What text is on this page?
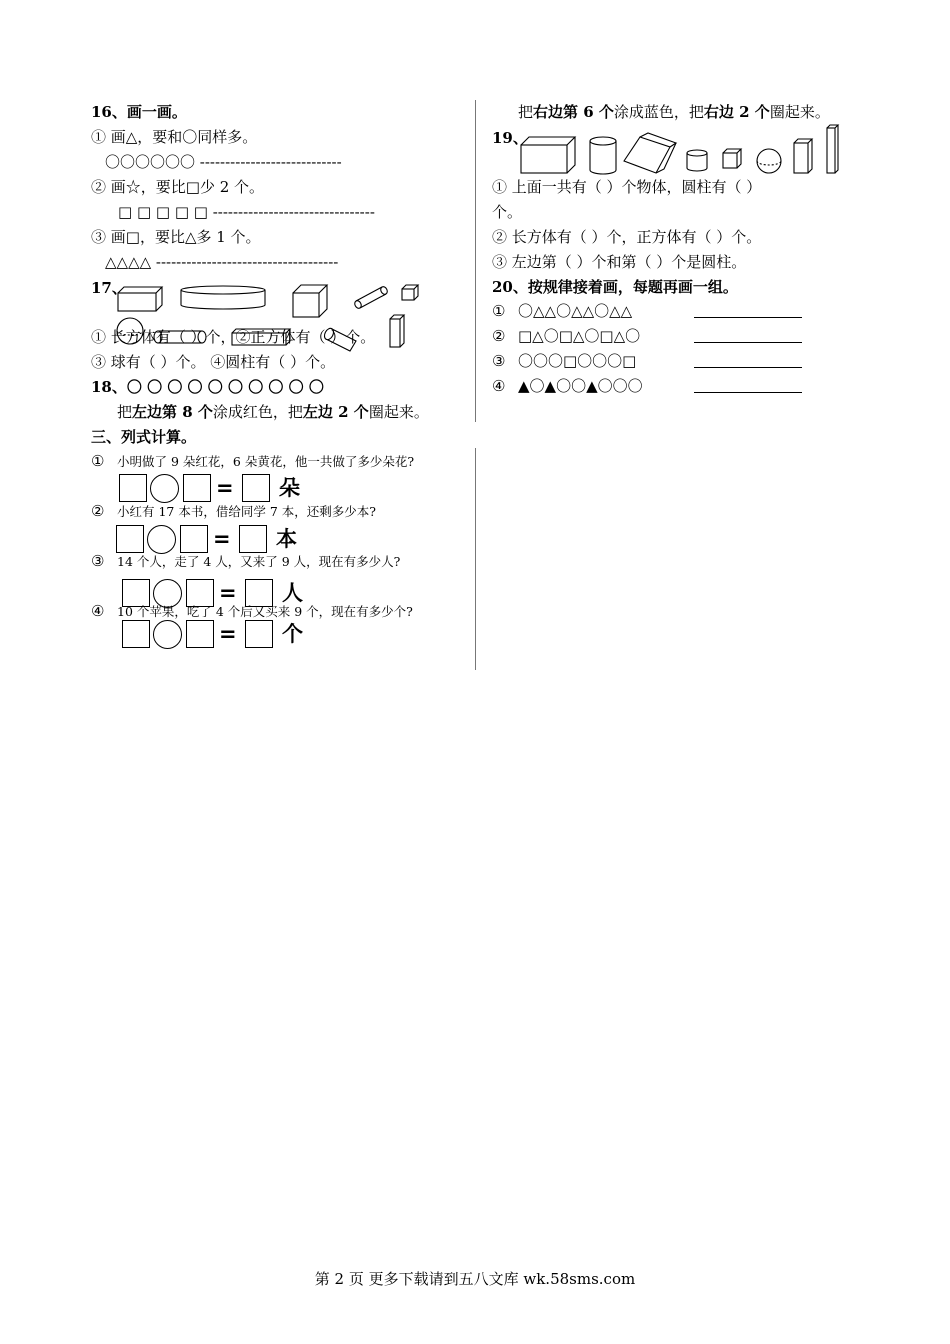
16、画一画。
① 画△，要和〇同样多。
〇〇〇〇〇〇 ----------------------------
② 画☆，要比□少 2 个。
□ □ □ □ □ --------------------------------
③ 画□，要比△多 1 个。
△△△△ ------------------------------------
17、
① 长方体有（ ）个，②正方体有（ ）个。
③ 球有（ ）个。 ④圆柱有（ ）个。
18、〇 〇 〇 〇 〇 〇 〇 〇 〇 〇
把左边第 8 个涂成红色，把左边 2 个圈起来。
三、列式计算。
① 小明做了 9 朵红花，6 朵黄花，他一共做了多少朵花?
= 朵
② 小红有 17 本书，借给同学 7 本，还剩多少本?
= 本
③ 14 个人，走了 4 人，又来了 9 人，现在有多少人?
= 人
④ 10 个苹果，吃了 4 个后又买来 9 个，现在有多少个?
= 个
把右边第 6 个涂成蓝色，把右边 2 个圈起来。
19、
① 上面一共有（ ）个物体，圆柱有（ ）
个。
② 长方体有（ ）个，正方体有（ ）个。
③ 左边第（ ）个和第（ ）个是圆柱。
20、按规律接着画，每题再画一组。
① 〇△△〇△△〇△△
② □△〇□△〇□△〇
③ 〇〇〇□〇〇〇□
④ ▲〇▲〇〇▲〇〇〇
第 2 页 更多下载请到五八文库 wk.58sms.com
